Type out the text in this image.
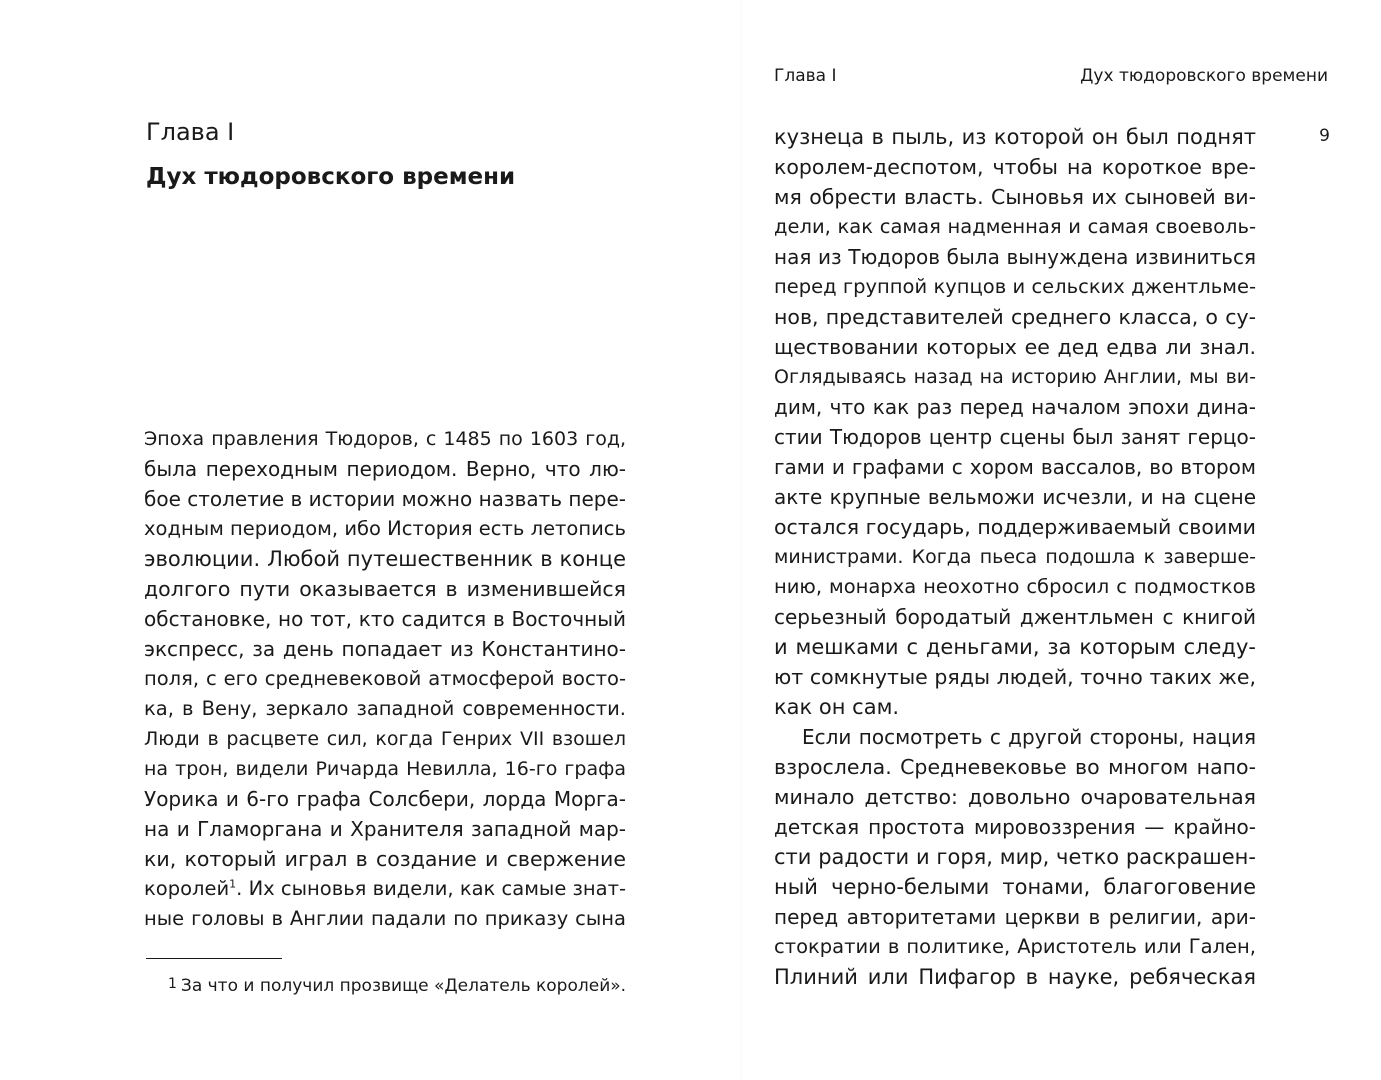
Глава I
Дух тюдоровского времени
Эпоха правления Тюдоров, с 1485 по 1603 год,
была переходным периодом. Верно, что лю-
бое столетие в истории можно назвать пере-
ходным периодом, ибо История есть летопись
эволюции. Любой путешественник в конце
долгого пути оказывается в изменившейся
обстановке, но тот, кто садится в Восточный
экспресс, за день попадает из Константино-
поля, с его средневековой атмосферой восто-
ка, в Вену, зеркало западной современности.
Люди в расцвете сил, когда Генрих VII взошел
на трон, видели Ричарда Невилла, 16-го графа
Уорика и 6-го графа Солсбери, лорда Морга-
на и Гламоргана и Хранителя западной мар-
ки, который играл в создание и свержение
королей$^1$. Их сыновья видели, как самые знат-
ные головы в Англии падали по приказу сына
1 За что и получил прозвище «Делатель королей».
Глава I	Дух тюдоровского времени
9
кузнеца в пыль, из которой он был поднят
королем-деспотом, чтобы на короткое вре-
мя обрести власть. Сыновья их сыновей ви-
дели, как самая надменная и самая своеволь-
ная из Тюдоров была вынуждена извиниться
перед группой купцов и сельских джентльме-
нов, представителей среднего класса, о су-
ществовании которых ее дед едва ли знал.
Оглядываясь назад на историю Англии, мы ви-
дим, что как раз перед началом эпохи дина-
стии Тюдоров центр сцены был занят герцо-
гами и графами с хором вассалов, во втором
акте крупные вельможи исчезли, и на сцене
остался государь, поддерживаемый своими
министрами. Когда пьеса подошла к заверше-
нию, монарха неохотно сбросил с подмостков
серьезный бородатый джентльмен с книгой
и мешками с деньгами, за которым следу-
ют сомкнутые ряды людей, точно таких же,
как он сам.
Если посмотреть с другой стороны, нация
взрослела. Средневековье во многом напо-
минало детство: довольно очаровательная
детская простота мировоззрения — крайно-
сти радости и горя, мир, четко раскрашен-
ный черно-белыми тонами, благоговение
перед авторитетами церкви в религии, ари-
стократии в политике, Аристотель или Гален,
Плиний или Пифагор в науке, ребяческая
